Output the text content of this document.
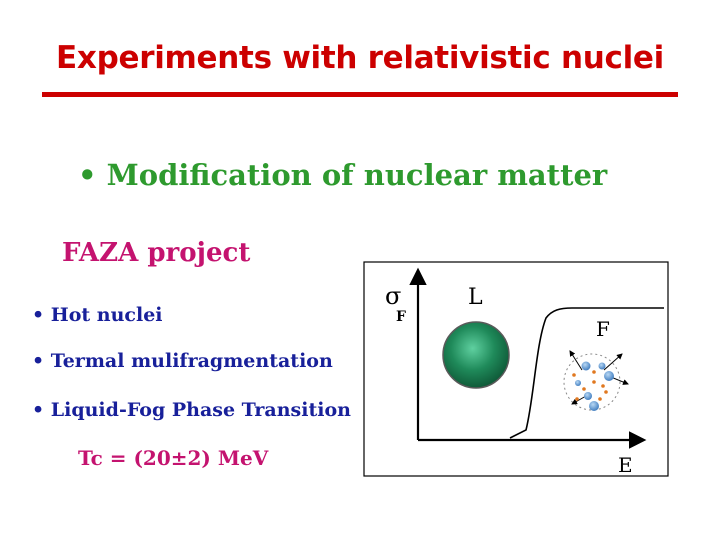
Experiments with relativistic nuclei
• Modification of nuclear matter
FAZA project
• Hot nuclei
• Termal mulifragmentation
• Liquid-Fog Phase Transition
Tc = (20±2) MeV
σ
F
E
L
F
